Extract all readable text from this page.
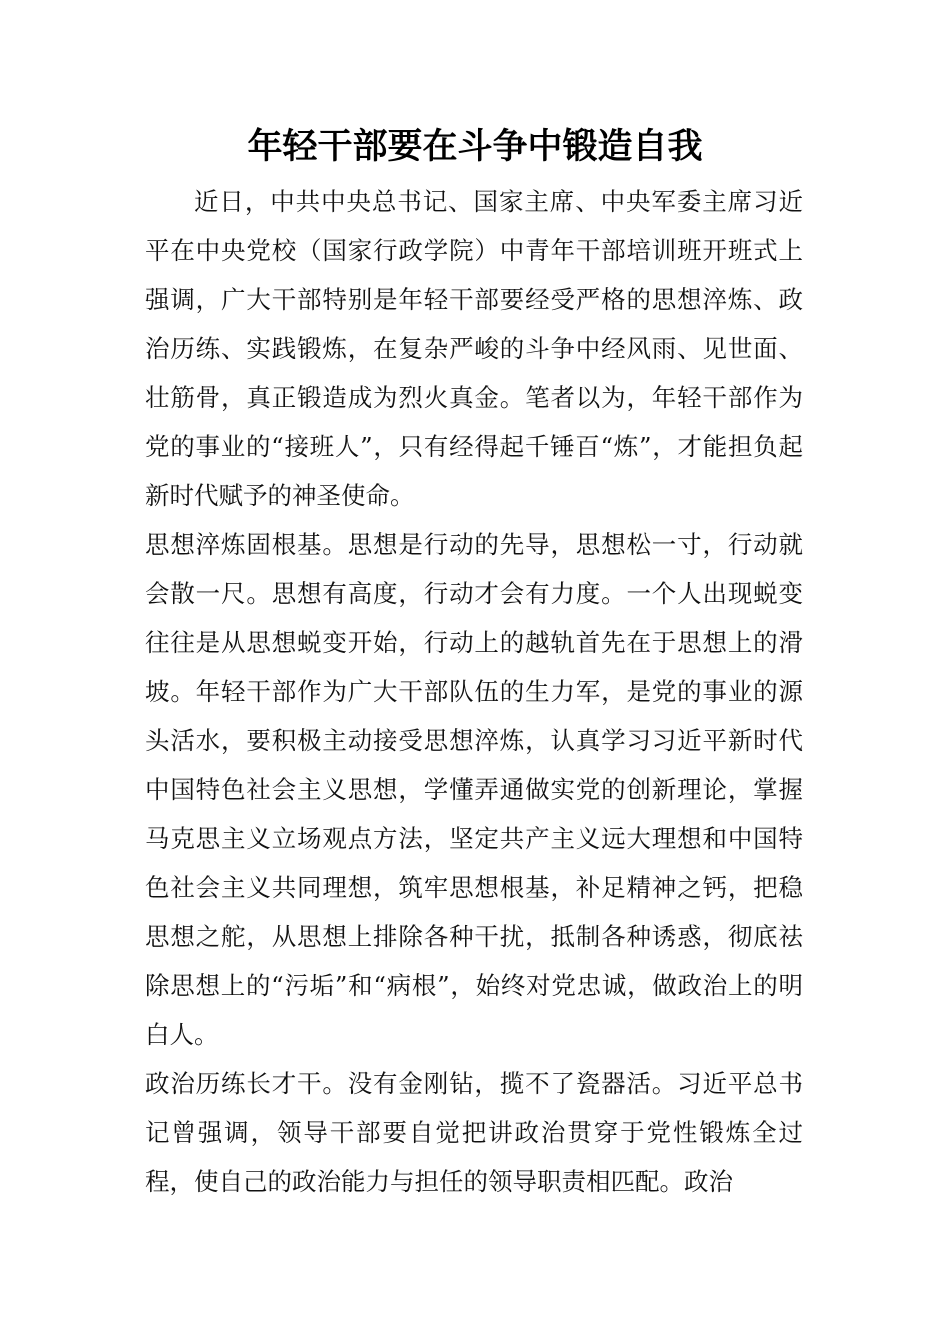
年轻干部要在斗争中锻造自我

近日，中共中央总书记、国家主席、中央军委主席习近平在中央党校（国家行政学院）中青年干部培训班开班式上强调，广大干部特别是年轻干部要经受严格的思想淬炼、政治历练、实践锻炼，在复杂严峻的斗争中经风雨、见世面、壮筋骨，真正锻造成为烈火真金。笔者以为，年轻干部作为党的事业的“接班人”，只有经得起千锤百“炼”，才能担负起新时代赋予的神圣使命。

思想淬炼固根基。思想是行动的先导，思想松一寸，行动就会散一尺。思想有高度，行动才会有力度。一个人出现蜕变往往是从思想蜕变开始，行动上的越轨首先在于思想上的滑坡。年轻干部作为广大干部队伍的生力军，是党的事业的源头活水，要积极主动接受思想淬炼，认真学习习近平新时代中国特色社会主义思想，学懂弄通做实党的创新理论，掌握马克思主义立场观点方法，坚定共产主义远大理想和中国特色社会主义共同理想，筑牢思想根基，补足精神之钙，把稳思想之舵，从思想上排除各种干扰，抵制各种诱惑，彻底祛除思想上的“污垢”和“病根”，始终对党忠诚，做政治上的明白人。

政治历练长才干。没有金刚钻，揽不了瓷器活。习近平总书记曾强调，领导干部要自觉把讲政治贯穿于党性锻炼全过程，使自己的政治能力与担任的领导职责相匹配。政治
